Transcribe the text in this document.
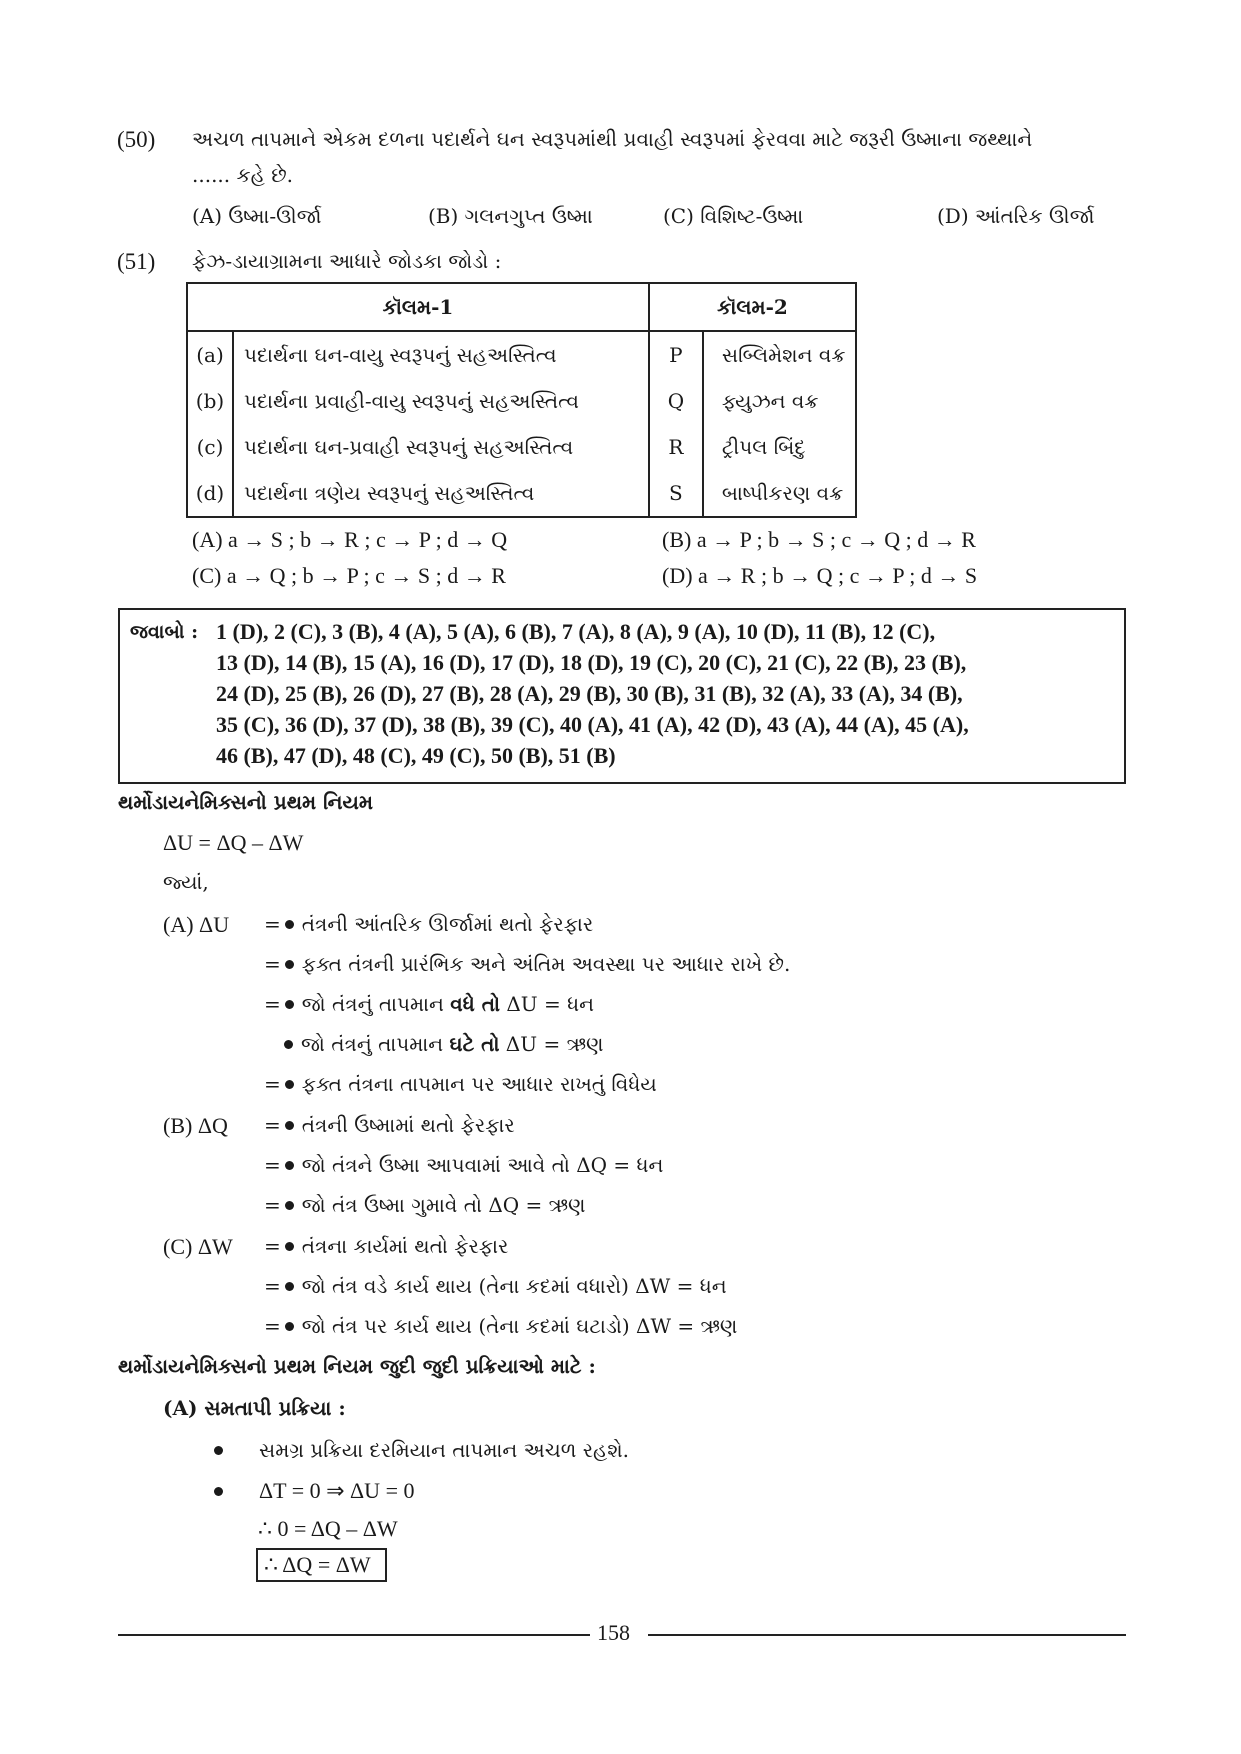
(50) અચળ તાપમાને એકમ દળના પદાર્થને ઘન સ્વરૂપમાંથી પ્રવાહી સ્વરૂપમાં ફેરવવા માટે જરૂરી ઉષ્માના જથ્થાને
...... કહે છે.
(A) ઉષ્મા-ઊર્જા	(B) ગલનગુપ્ત ઉષ્મા	(C) વિશિષ્ટ-ઉષ્મા	(D) આંતરિક ઊર્જા
(51) ફેઝ-ડાયાગ્રામના આધારે જોડકા જોડો :
કૉલમ-1		કૉલમ-2	
(a)	પદાર્થના ઘન-વાયુ સ્વરૂપનું સહઅસ્તિત્વ	P	સબ્લિમેશન વક્ર
(b)	પદાર્થના પ્રવાહી-વાયુ સ્વરૂપનું સહઅસ્તિત્વ	Q	ફ્યુઝન વક્ર
(c)	પદાર્થના ઘન-પ્રવાહી સ્વરૂપનું સહઅસ્તિત્વ	R	ટ્રીપલ બિંદુ
(d)	પદાર્થના ત્રણેય સ્વરૂપનું સહઅસ્તિત્વ	S	બાષ્પીકરણ વક્ર
(A) a → S ; b → R ; c → P ; d → Q	(B) a → P ; b → S ; c → Q ; d → R
(C) a → Q ; b → P ; c → S ; d → R	(D) a → R ; b → Q ; c → P ; d → S
જવાબો : 1 (D), 2 (C), 3 (B), 4 (A), 5 (A), 6 (B), 7 (A), 8 (A), 9 (A), 10 (D), 11 (B), 12 (C),
13 (D), 14 (B), 15 (A), 16 (D), 17 (D), 18 (D), 19 (C), 20 (C), 21 (C), 22 (B), 23 (B),
24 (D), 25 (B), 26 (D), 27 (B), 28 (A), 29 (B), 30 (B), 31 (B), 32 (A), 33 (A), 34 (B),
35 (C), 36 (D), 37 (D), 38 (B), 39 (C), 40 (A), 41 (A), 42 (D), 43 (A), 44 (A), 45 (A),
46 (B), 47 (D), 48 (C), 49 (C), 50 (B), 51 (B)
થર્મોડાયનેમિક્સનો પ્રથમ નિયમ
ΔU = ΔQ – ΔW
જ્યાં,
(A) ΔU = તંત્રની આંતરિક ઊર્જામાં થતો ફેરફાર
= ફક્ત તંત્રની પ્રારંભિક અને અંતિમ અવસ્થા પર આધાર રાખે છે.
= જો તંત્રનું તાપમાન વધે તો ΔU = ધન
જો તંત્રનું તાપમાન ઘટે તો ΔU = ઋણ
= ફક્ત તંત્રના તાપમાન પર આધાર રાખતું વિધેય
(B) ΔQ = તંત્રની ઉષ્મામાં થતો ફેરફાર
= જો તંત્રને ઉષ્મા આપવામાં આવે તો ΔQ = ધન
= જો તંત્ર ઉષ્મા ગુમાવે તો ΔQ = ઋણ
(C) ΔW = તંત્રના કાર્યમાં થતો ફેરફાર
= જો તંત્ર વડે કાર્ય થાય (તેના કદમાં વધારો) ΔW = ધન
= જો તંત્ર પર કાર્ય થાય (તેના કદમાં ઘટાડો) ΔW = ઋણ
થર્મોડાયનેમિક્સનો પ્રથમ નિયમ જુદી જુદી પ્રક્રિયાઓ માટે :
(A) સમતાપી પ્રક્રિયા :
સમગ્ર પ્રક્રિયા દરમિયાન તાપમાન અચળ રહશે.
ΔT = 0 ⇒ ΔU = 0
∴ 0 = ΔQ – ΔW
∴ ΔQ = ΔW
158
